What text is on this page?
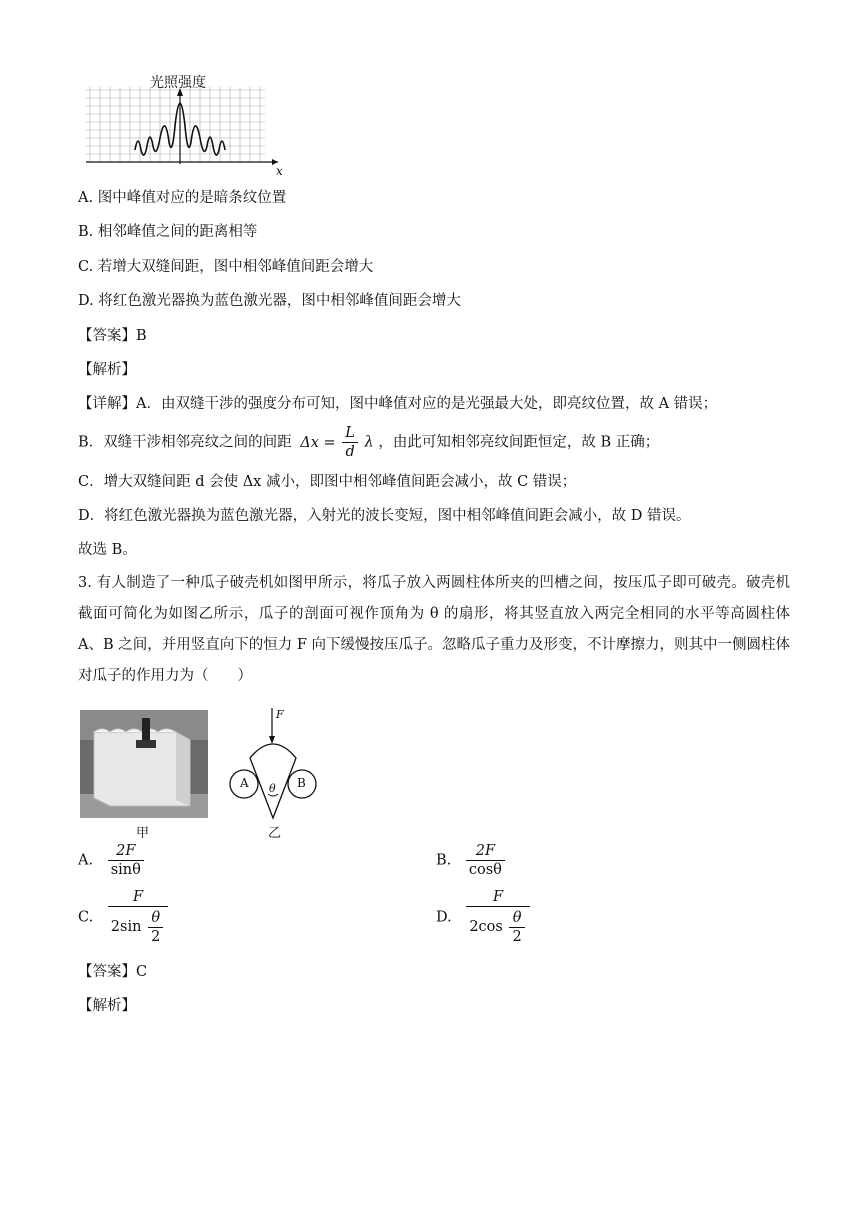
光照强度
x
A. 图中峰值对应的是暗条纹位置
B. 相邻峰值之间的距离相等
C. 若增大双缝间距，图中相邻峰值间距会增大
D. 将红色激光器换为蓝色激光器，图中相邻峰值间距会增大
【答案】B
【解析】
【详解】A．由双缝干涉的强度分布可知，图中峰值对应的是光强最大处，即亮纹位置，故 A 错误；
B．双缝干涉相邻亮纹之间的间距 $\Delta x = \frac{L}{d}$ λ ，由此可知相邻亮纹间距恒定，故 B 正确；
C．增大双缝间距 d 会使 Δx 减小，即图中相邻峰值间距会减小，故 C 错误；
D．将红色激光器换为蓝色激光器，入射光的波长变短，图中相邻峰值间距会减小，故 D 错误。
故选 B。
3. 有人制造了一种瓜子破壳机如图甲所示，将瓜子放入两圆柱体所夹的凹槽之间，按压瓜子即可破壳。破壳机截面可简化为如图乙所示，瓜子的剖面可视作顶角为 θ 的扇形，将其竖直放入两完全相同的水平等高圆柱体 A、B 之间，并用竖直向下的恒力 F 向下缓慢按压瓜子。忽略瓜子重力及形变，不计摩擦力，则其中一侧圆柱体对瓜子的作用力为（　　）
甲
F
A	B
θ
乙
A. $\frac{2F}{\sin\theta}$	B. $\frac{2F}{\cos\theta}$
C. $\frac{F}{2\sin \frac{\theta}{2}}$	D. $\frac{F}{2\cos \frac{\theta}{2}}$
【答案】C
【解析】
